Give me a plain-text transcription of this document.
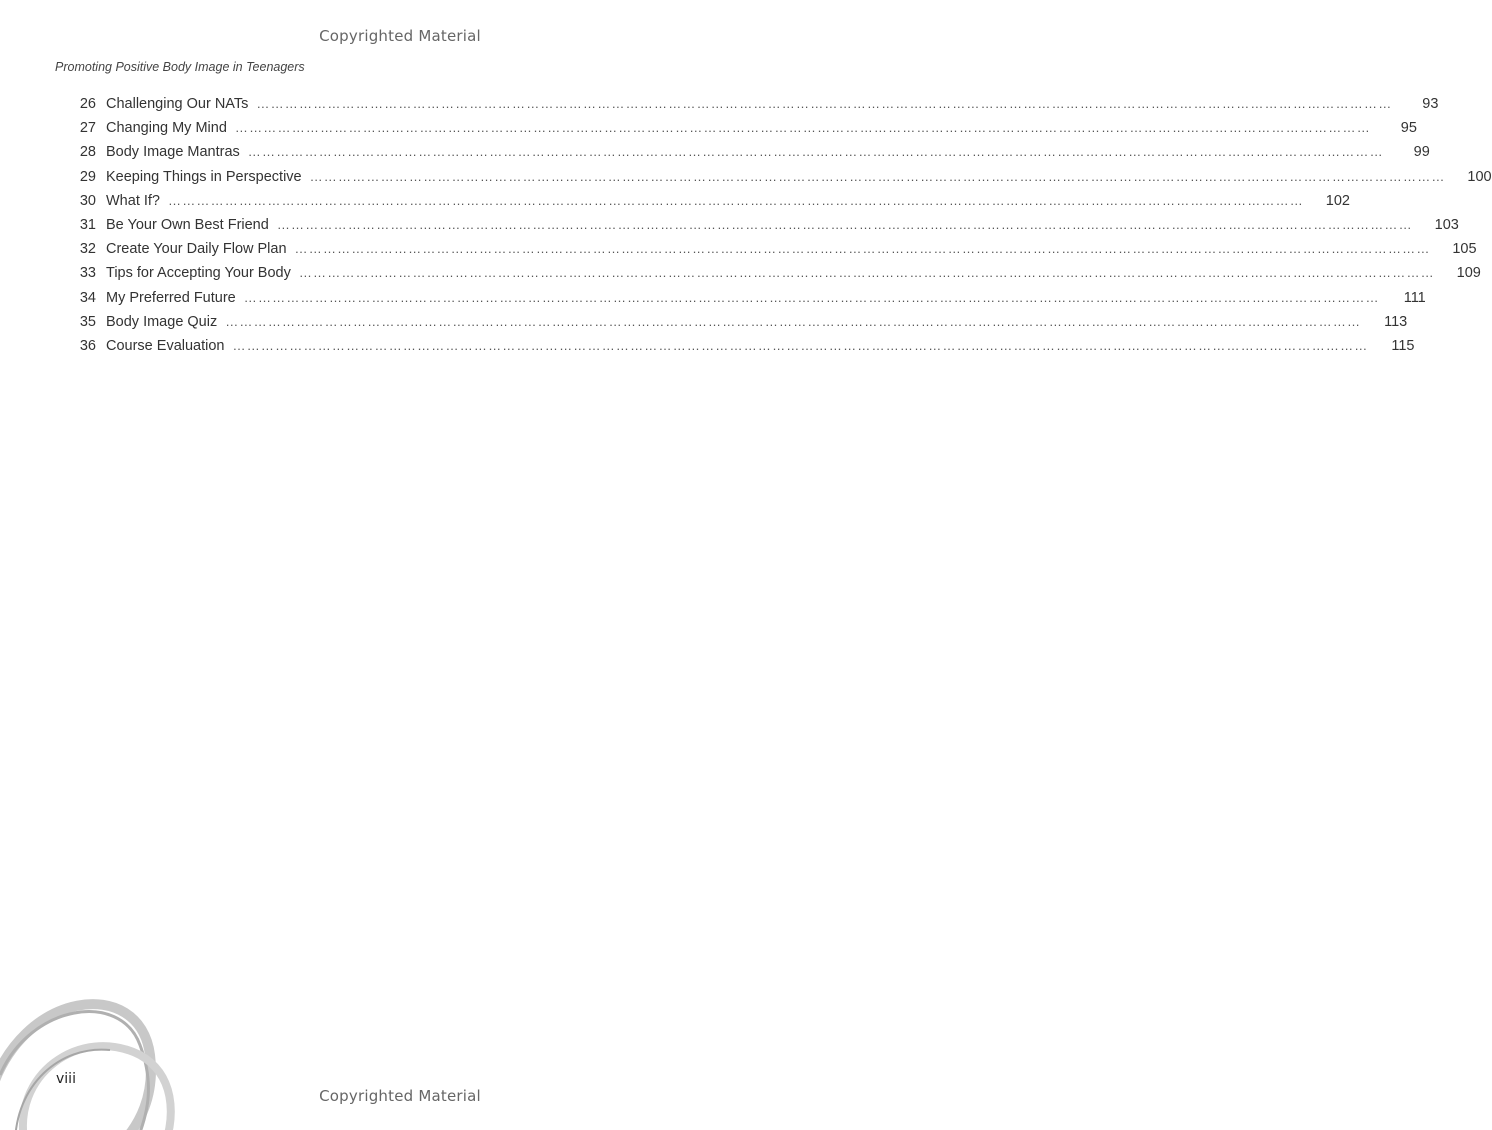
Copyrighted Material
Promoting Positive Body Image in Teenagers
26 Challenging Our NATs ……………………………………………………………………………………………………………………………………………………………………………………………………………………	93
27 Changing My Mind ……………………………………………………………………………………………………………………………………………………………………………………………………………………	95
28 Body Image Mantras ……………………………………………………………………………………………………………………………………………………………………………………………………………………	99
29 Keeping Things in Perspective ……………………………………………………………………………………………………………………………………………………………………………………………………………………	100
30 What If? ……………………………………………………………………………………………………………………………………………………………………………………………………………………	102
31 Be Your Own Best Friend ……………………………………………………………………………………………………………………………………………………………………………………………………………………	103
32 Create Your Daily Flow Plan ……………………………………………………………………………………………………………………………………………………………………………………………………………………	105
33 Tips for Accepting Your Body ……………………………………………………………………………………………………………………………………………………………………………………………………………………	109
34 My Preferred Future ……………………………………………………………………………………………………………………………………………………………………………………………………………………	111
35 Body Image Quiz ……………………………………………………………………………………………………………………………………………………………………………………………………………………	113
36 Course Evaluation ……………………………………………………………………………………………………………………………………………………………………………………………………………………	115
viii
Copyrighted Material
